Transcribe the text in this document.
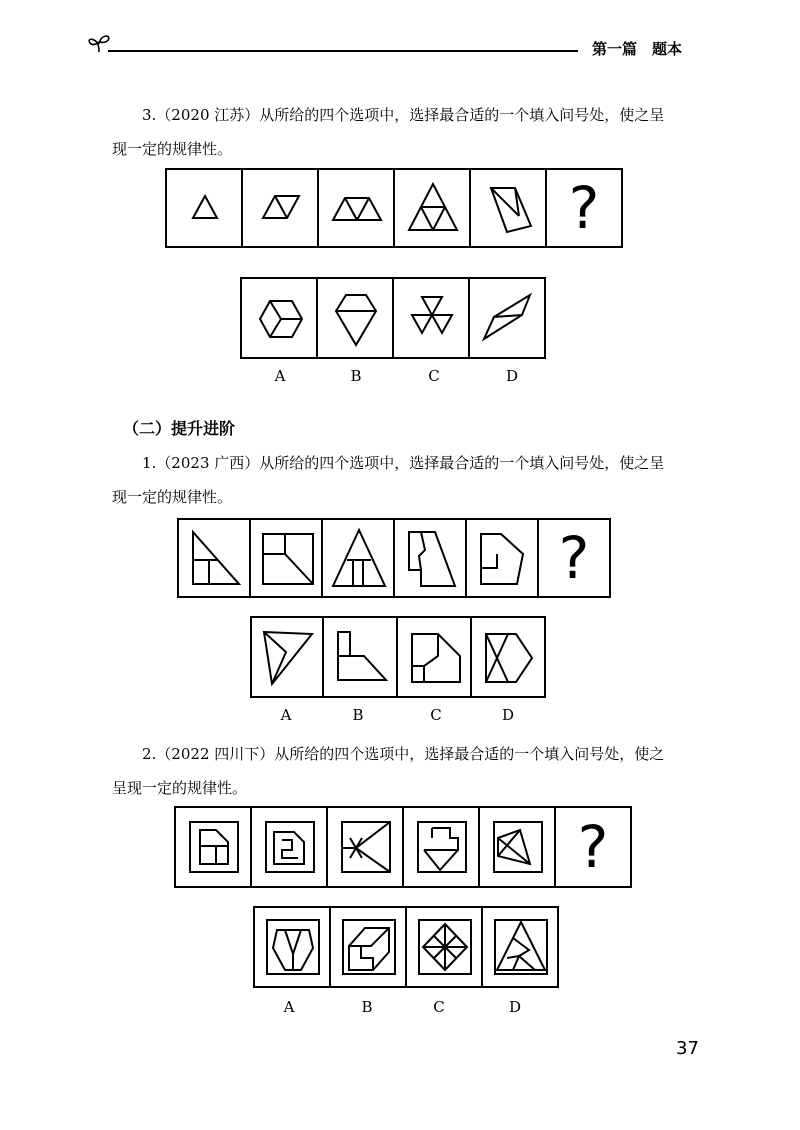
第一篇　题本
3.（2020 江苏）从所给的四个选项中，选择最合适的一个填入问号处，使之呈
现一定的规律性。
?
A	B	C	D
（二）提升进阶
1.（2023 广西）从所给的四个选项中，选择最合适的一个填入问号处，使之呈
现一定的规律性。
?
A	B	C	D
2.（2022 四川下）从所给的四个选项中，选择最合适的一个填入问号处，使之
呈现一定的规律性。
?
A	B	C	D
37
